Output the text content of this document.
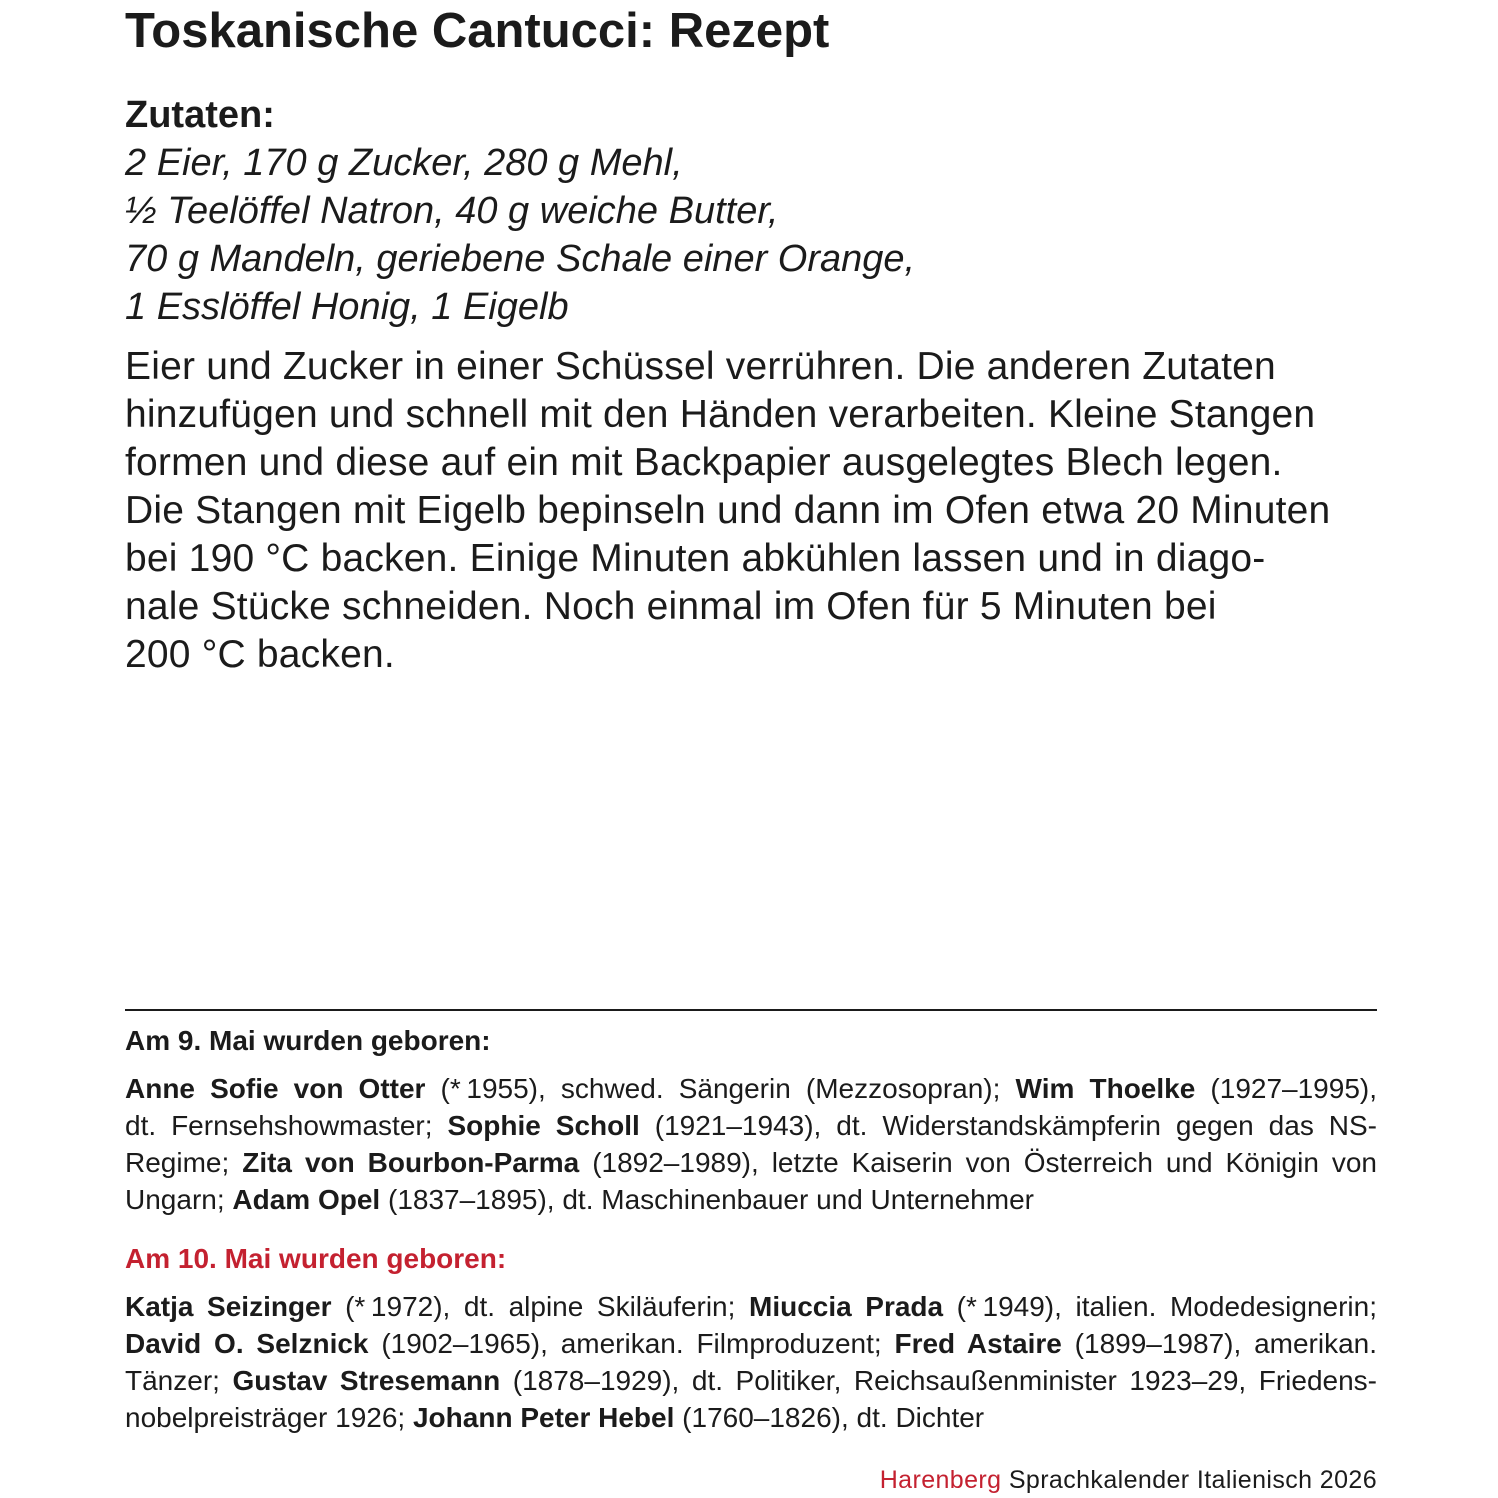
Toskanische Cantucci: Rezept
Zutaten:
2 Eier, 170 g Zucker, 280 g Mehl,
½ Teelöffel Natron, 40 g weiche Butter,
70 g Mandeln, geriebene Schale einer Orange,
1 Esslöffel Honig, 1 Eigelb
Eier und Zucker in einer Schüssel verrühren. Die anderen Zutaten
hinzufügen und schnell mit den Händen verarbeiten. Kleine Stangen
formen und diese auf ein mit Backpapier ausgelegtes Blech legen.
Die Stangen mit Eigelb bepinseln und dann im Ofen etwa 20 Minuten
bei 190 °C backen. Einige Minuten abkühlen lassen und in diago-
nale Stücke schneiden. Noch einmal im Ofen für 5 Minuten bei
200 °C backen.
Am 9. Mai wurden geboren:
Anne Sofie von Otter (* 1955), schwed. Sängerin (Mezzosopran); Wim Thoelke (1927–1995),
dt. Fernsehshowmaster; Sophie Scholl (1921–1943), dt. Widerstandskämpferin gegen das NS-
Regime; Zita von Bourbon-Parma (1892–1989), letzte Kaiserin von Österreich und Königin von
Ungarn; Adam Opel (1837–1895), dt. Maschinenbauer und Unternehmer
Am 10. Mai wurden geboren:
Katja Seizinger (* 1972), dt. alpine Skiläuferin; Miuccia Prada (* 1949), italien. Modedesignerin;
David O. Selznick (1902–1965), amerikan. Filmproduzent; Fred Astaire (1899–1987), amerikan.
Tänzer; Gustav Stresemann (1878–1929), dt. Politiker, Reichsaußenminister 1923–29, Friedens-
nobelpreisträger 1926; Johann Peter Hebel (1760–1826), dt. Dichter
Harenberg Sprachkalender Italienisch 2026
